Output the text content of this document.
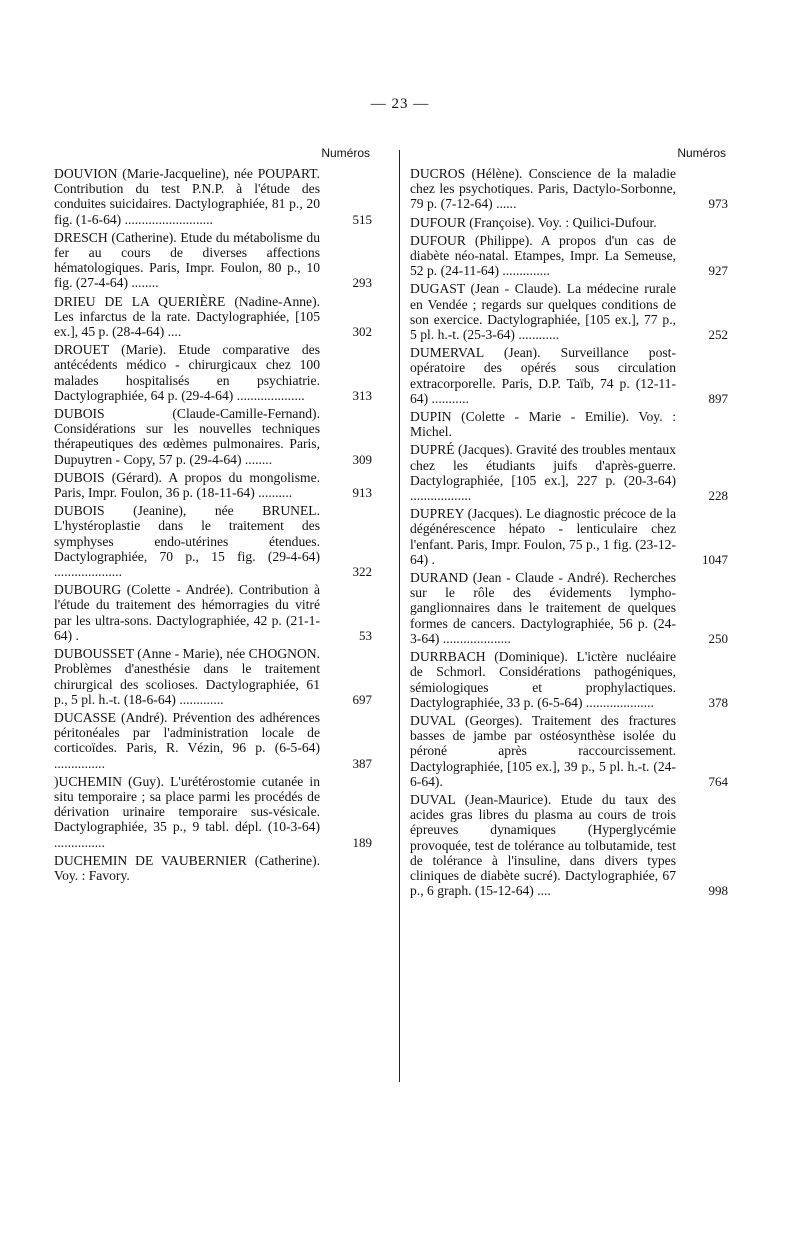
— 23 —
Numéros
DOUVION (Marie-Jacqueline), née POUPART. Contribution du test P.N.P. à l'étude des conduites suicidaires. Dactylographiée, 81 p., 20 fig. (1-6-64) ..........................	515
DRESCH (Catherine). Etude du métabolisme du fer au cours de diverses affections hématologiques. Paris, Impr. Foulon, 80 p., 10 fig. (27-4-64) ........	293
DRIEU DE LA QUERIÈRE (Nadine-Anne). Les infarctus de la rate. Dactylographiée, [105 ex.], 45 p. (28-4-64) ....	302
DROUET (Marie). Etude comparative des antécédents médico - chirurgicaux chez 100 malades hospitalisés en psychiatrie. Dactylographiée, 64 p. (29-4-64) ....................	313
DUBOIS (Claude-Camille-Fernand). Considérations sur les nouvelles techniques thérapeutiques des œdèmes pulmonaires. Paris, Dupuytren - Copy, 57 p. (29-4-64) ........	309
DUBOIS (Gérard). A propos du mongolisme. Paris, Impr. Foulon, 36 p. (18-11-64) ..........	913
DUBOIS (Jeanine), née BRUNEL. L'hystéroplastie dans le traitement des symphyses endo-utérines étendues. Dactylographiée, 70 p., 15 fig. (29-4-64) ....................	322
DUBOURG (Colette - Andrée). Contribution à l'étude du traitement des hémorragies du vitré par les ultra-sons. Dactylographiée, 42 p. (21-1-64) .	53
DUBOUSSET (Anne - Marie), née CHOGNON. Problèmes d'anesthésie dans le traitement chirurgical des scolioses. Dactylographiée, 61 p., 5 pl. h.-t. (18-6-64) .............	697
DUCASSE (André). Prévention des adhérences péritonéales par l'administration locale de corticoïdes. Paris, R. Vézin, 96 p. (6-5-64) ...............	387
)UCHEMIN (Guy). L'urétérostomie cutanée in situ temporaire ; sa place parmi les procédés de dérivation urinaire temporaire sus-vésicale. Dactylographiée, 35 p., 9 tabl. dépl. (10-3-64) ...............	189
DUCHEMIN DE VAUBERNIER (Catherine). Voy. : Favory.
Numéros
DUCROS (Hélène). Conscience de la maladie chez les psychotiques. Paris, Dactylo-Sorbonne, 79 p. (7-12-64) ......	973
DUFOUR (Françoise). Voy. : Quilici-Dufour.
DUFOUR (Philippe). A propos d'un cas de diabète néo-natal. Etampes, Impr. La Semeuse, 52 p. (24-11-64) ..............	927
DUGAST (Jean - Claude). La médecine rurale en Vendée ; regards sur quelques conditions de son exercice. Dactylographiée, [105 ex.], 77 p., 5 pl. h.-t. (25-3-64) ............	252
DUMERVAL (Jean). Surveillance post-opératoire des opérés sous circulation extracorporelle. Paris, D.P. Taïb, 74 p. (12-11-64) ...........	897
DUPIN (Colette - Marie - Emilie). Voy. : Michel.
DUPRÉ (Jacques). Gravité des troubles mentaux chez les étudiants juifs d'après-guerre. Dactylographiée, [105 ex.], 227 p. (20-3-64) ..................	228
DUPREY (Jacques). Le diagnostic précoce de la dégénérescence hépato - lenticulaire chez l'enfant. Paris, Impr. Foulon, 75 p., 1 fig. (23-12-64) .	1047
DURAND (Jean - Claude - André). Recherches sur le rôle des évidements lympho-ganglionnaires dans le traitement de quelques formes de cancers. Dactylographiée, 56 p. (24-3-64) ....................	250
DURRBACH (Dominique). L'ictère nucléaire de Schmorl. Considérations pathogéniques, sémiologiques et prophylactiques. Dactylographiée, 33 p. (6-5-64) ....................	378
DUVAL (Georges). Traitement des fractures basses de jambe par ostéosynthèse isolée du péroné après raccourcissement. Dactylographiée, [105 ex.], 39 p., 5 pl. h.-t. (24-6-64).	764
DUVAL (Jean-Maurice). Etude du taux des acides gras libres du plasma au cours de trois épreuves dynamiques (Hyperglycémie provoquée, test de tolérance au tolbutamide, test de tolérance à l'insuline, dans divers types cliniques de diabète sucré). Dactylographiée, 67 p., 6 graph. (15-12-64) ....	998
